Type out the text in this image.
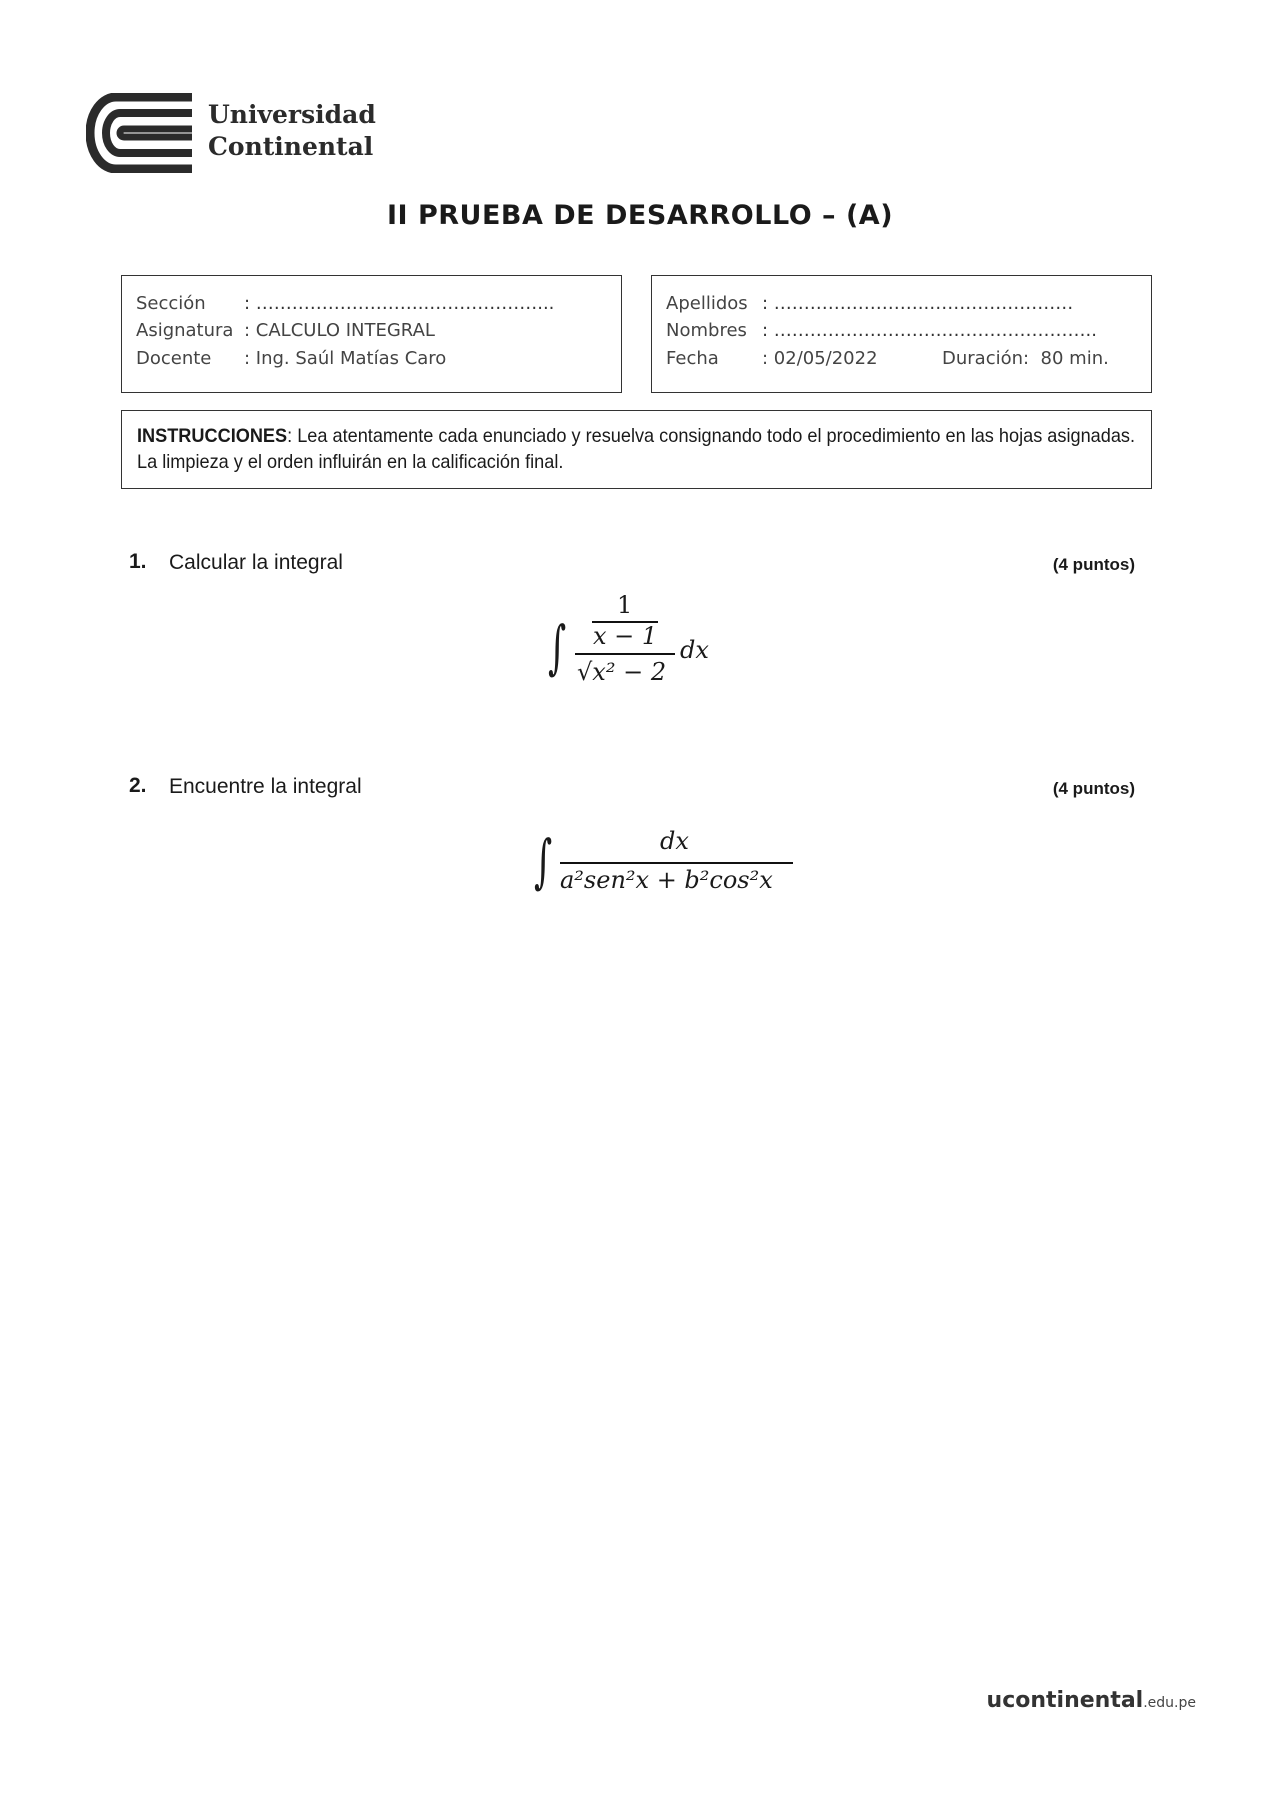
Universidad
Continental
II PRUEBA DE DESARROLLO – (A)
Sección : ………………………..………………...
Asignatura : CALCULO INTEGRAL
Docente : Ing. Saúl Matías Caro
Apellidos : ……………………..……………………
Nombres : ……………………….……………………..
Fecha : 02/05/2022	Duración: 80 min.
INSTRUCCIONES: Lea atentamente cada enunciado y resuelva consignando todo el procedimiento en las hojas asignadas. La limpieza y el orden influirán en la calificación final.
1. Calcular la integral	(4 puntos)
∫
1
x − 1
√x² − 2
dx
2. Encuentre la integral	(4 puntos)
∫	dx
a²sen²x + b²cos²x
ucontinental.edu.pe
